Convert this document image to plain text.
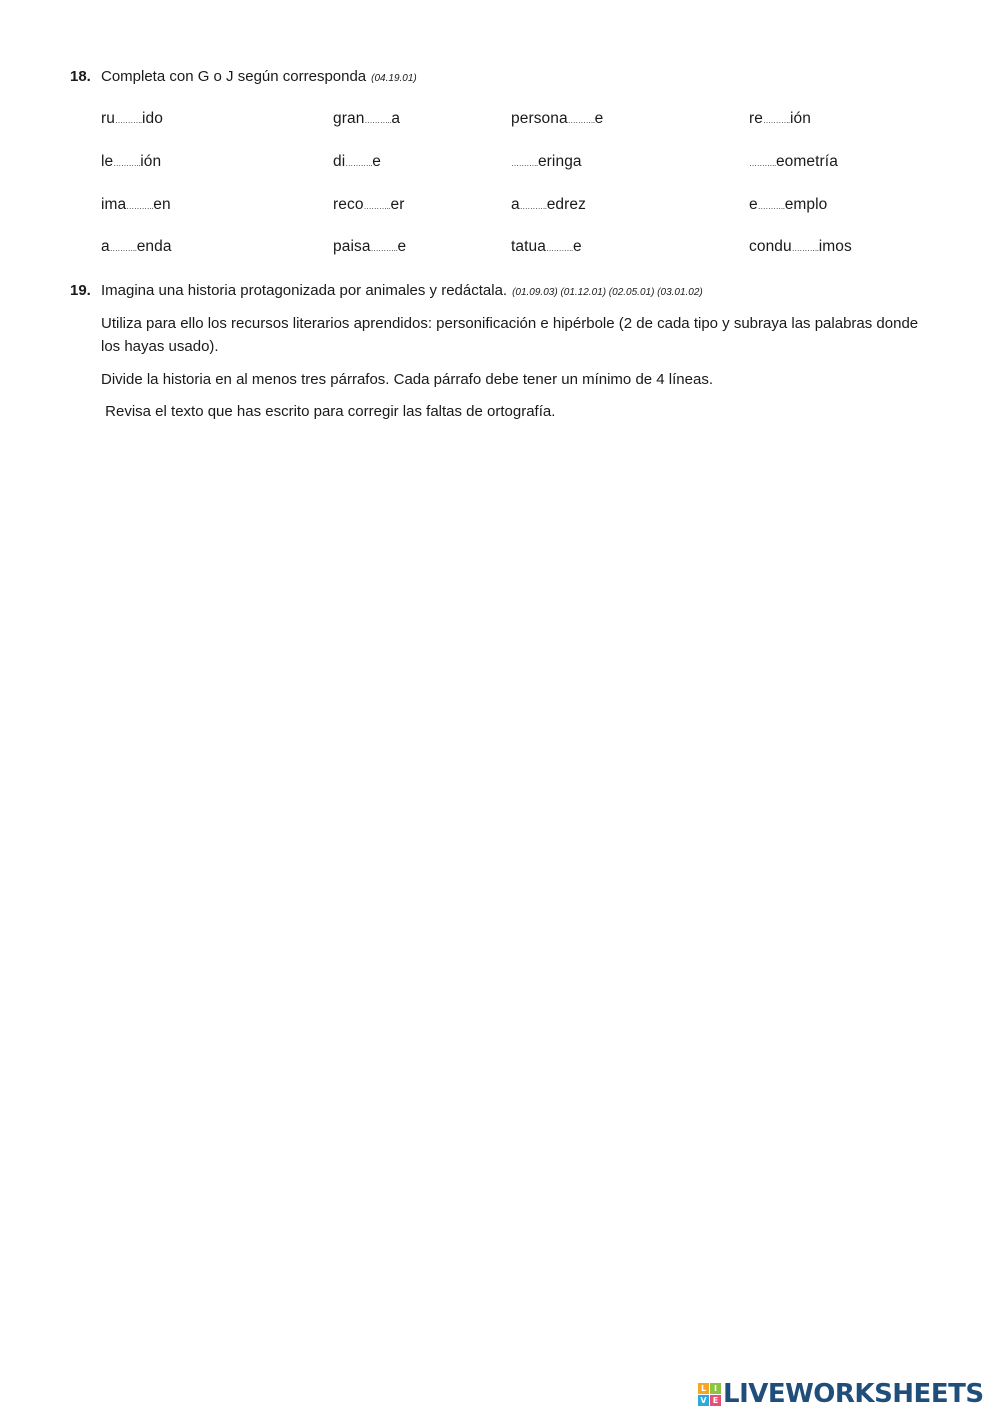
18. Completa con G o J según corresponda (04.19.01)
ru………..ido	gran………..a	persona………..e	re………..ión
le………..ión	di………..e	………..eringa	………..eometría
ima………..en	reco………..er	a………..edrez	e………..emplo
a………..enda	paisa………..e	tatua………..e	condu………..imos
19. Imagina una historia protagonizada por animales y redáctala. (01.09.03) (01.12.01) (02.05.01) (03.01.02)
Utiliza para ello los recursos literarios aprendidos: personificación e hipérbole (2 de cada tipo y subraya las palabras donde los hayas usado).
Divide la historia en al menos tres párrafos. Cada párrafo debe tener un mínimo de 4 líneas.
Revisa el texto que has escrito para corregir las faltas de ortografía.
L I
V E LIVEWORKSHEETS
